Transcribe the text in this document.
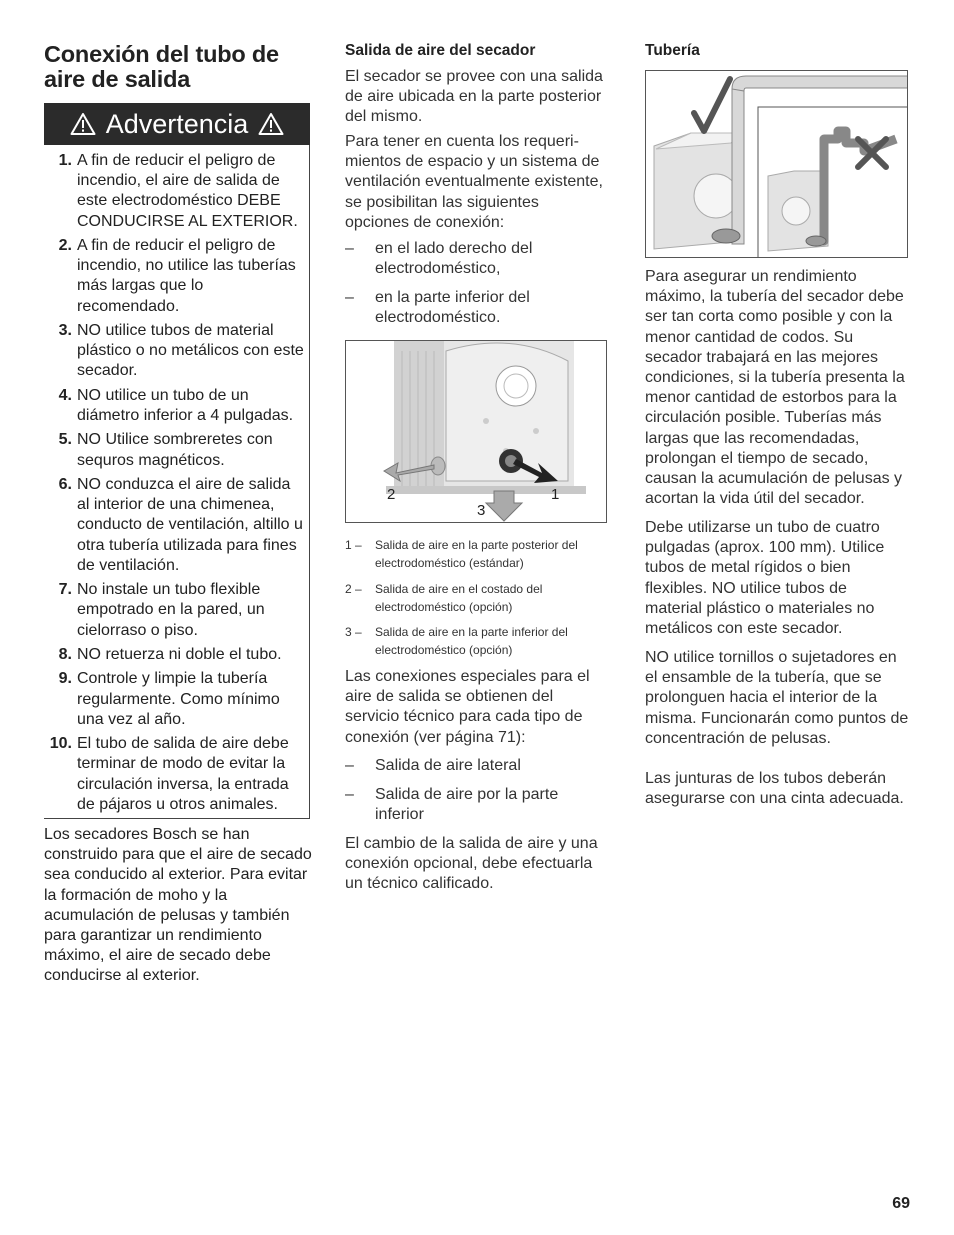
Conexión del tubo de aire de salida
Advertencia
1. A fin de reducir el peligro de incendio, el aire de salida de este electrodoméstico DEBE CONDUCIRSE AL EXTERIOR.
2. A fin de reducir el peligro de incendio, no utilice las tuberías más largas que lo recomendado.
3. NO utilice tubos de material plástico o no metálicos con este secador.
4. NO utilice un tubo de un diámetro inferior a 4 pulgadas.
5. NO Utilice sombreretes con sequros magnéticos.
6. NO conduzca el aire de salida al interior de una chimenea, conducto de ventilación, altillo u otra tubería utilizada para fines de ventilación.
7. No instale un tubo flexible empotrado en la pared, un cielorraso o piso.
8. NO retuerza ni doble el tubo.
9. Controle y limpie la tubería regularmente. Como mínimo una vez al año.
10. El tubo de salida de aire debe terminar de modo de evitar la circulación inversa, la entrada de pájaros u otros animales.

Los secadores Bosch se han construido para que el aire de secado sea conducido al exterior. Para evitar la formación de moho y la acumulación de pelusas y también para garantizar un rendimiento máximo, el aire de secado debe conducirse al exterior.

Salida de aire del secador

El secador se provee con una salida de aire ubicada en la parte posterior del mismo.

Para tener en cuenta los requeri- mientos de espacio y un sistema de ventilación eventualmente existente, se posibilitan las siguientes opciones de conexión:

–	en el lado derecho del electrodoméstico,
–	en la parte inferior del electrodoméstico.
2
3
1
1 –	Salida de aire en la parte posterior del electrodoméstico (estándar)
2 –	Salida de aire en el costado del electrodoméstico (opción)
3 –	Salida de aire en la parte inferior del electrodoméstico (opción)

Las conexiones especiales para el aire de salida se obtienen del servicio técnico para cada tipo de conexión (ver página 71):

–	Salida de aire lateral
–	Salida de aire por la parte inferior

El cambio de la salida de aire y una conexión opcional, debe efectuarla un técnico calificado.

Tubería

Para asegurar un rendimiento máximo, la tubería del secador debe ser tan corta como posible y con la menor cantidad de codos. Su secador trabajará en las mejores condiciones, si la tubería presenta la menor cantidad de estorbos para la circulación posible. Tuberías más largas que las recomendadas, prolongan el tiempo de secado, causan la acumulación de pelusas y acortan la vida útil del secador.

Debe utilizarse un tubo de cuatro pulgadas (aprox. 100 mm). Utilice tubos de metal rígidos o bien flexibles. NO utilice tubos de material plástico o materiales no metálicos con este secador.

NO utilice tornillos o sujetadores en el ensamble de la tubería, que se prolonguen hacia el interior de la misma. Funcionarán como puntos de concentración de pelusas.

Las junturas de los tubos deberán asegurarse con una cinta adecuada.

69
